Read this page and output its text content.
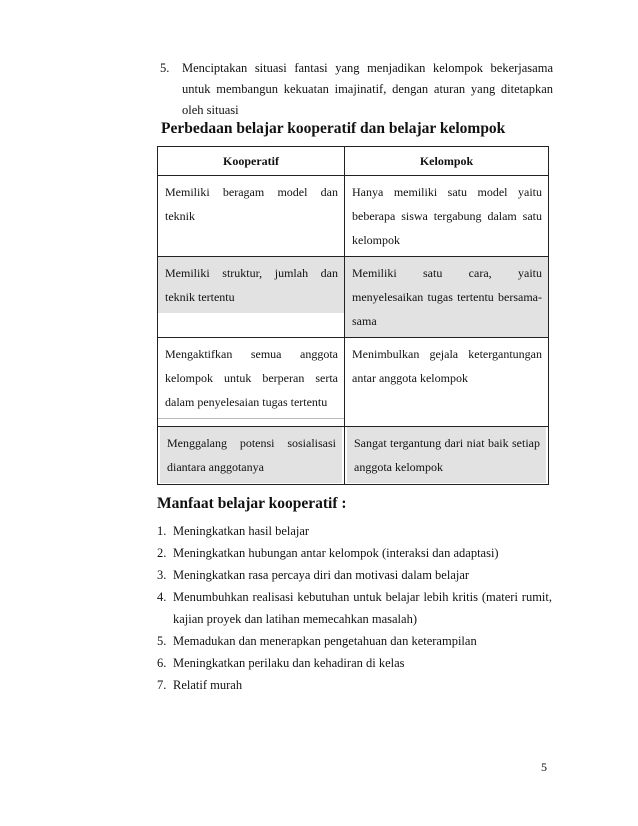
5. Menciptakan situasi fantasi yang menjadikan kelompok bekerjasama untuk membangun kekuatan imajinatif, dengan aturan yang ditetapkan oleh situasi
Perbedaan belajar kooperatif dan belajar kelompok
Kooperatif	Kelompok

Memiliki beragam model dan teknik	Hanya memiliki satu model yaitu beberapa siswa tergabung dalam satu kelompok

Memiliki struktur, jumlah dan teknik tertentu	Memiliki satu cara, yaitu menyelesaikan tugas tertentu bersama-sama

Mengaktifkan semua anggota kelompok untuk berperan serta dalam penyelesaian tugas tertentu	Menimbulkan gejala ketergantungan antar anggota kelompok

Menggalang potensi sosialisasi diantara anggotanya	Sangat tergantung dari niat baik setiap anggota kelompok
Manfaat belajar kooperatif :
1. Meningkatkan hasil belajar
2. Meningkatkan hubungan antar kelompok (interaksi dan adaptasi)
3. Meningkatkan rasa percaya diri dan motivasi dalam belajar
4. Menumbuhkan realisasi kebutuhan untuk belajar lebih kritis (materi rumit, kajian proyek dan latihan memecahkan masalah)
5. Memadukan dan menerapkan pengetahuan dan keterampilan
6. Meningkatkan perilaku dan kehadiran di kelas
7. Relatif murah
5
